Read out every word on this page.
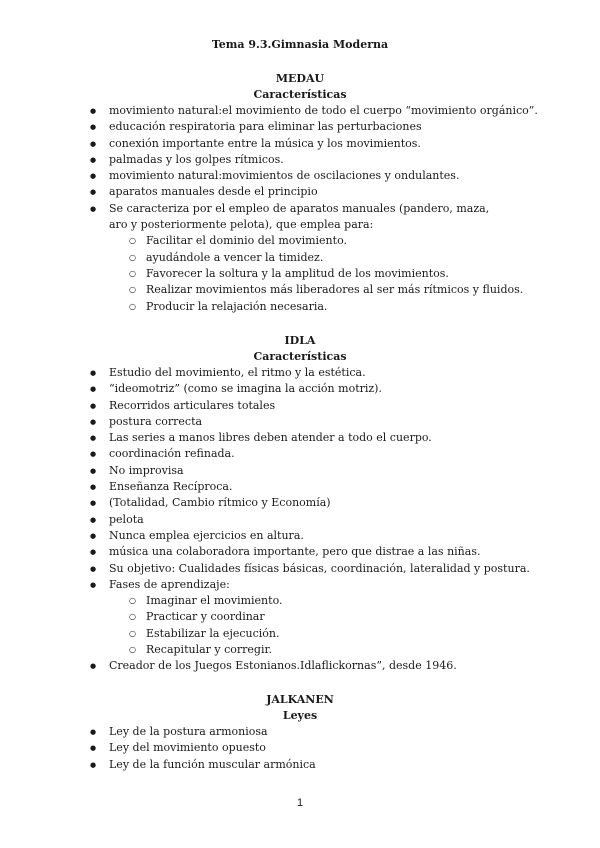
Tema 9.3.Gimnasia Moderna
MEDAU
Características
● movimiento natural:el movimiento de todo el cuerpo “movimiento orgánico”.
● educación respiratoria para eliminar las perturbaciones
● conexión importante entre la música y los movimientos.
● palmadas y los golpes rítmicos.
● movimiento natural:movimientos de oscilaciones y ondulantes.
● aparatos manuales desde el principio
● Se caracteriza por el empleo de aparatos manuales (pandero, maza, aro y posteriormente pelota), que emplea para:
○ Facilitar el dominio del movimiento.
○ ayudándole a vencer la timidez.
○ Favorecer la soltura y la amplitud de los movimientos.
○ Realizar movimientos más liberadores al ser más rítmicos y fluidos.
○ Producir la relajación necesaria.
IDLA
Características
● Estudio del movimiento, el ritmo y la estética.
● “ideomotriz” (como se imagina la acción motriz).
● Recorridos articulares totales
● postura correcta
● Las series a manos libres deben atender a todo el cuerpo.
● coordinación refinada.
● No improvisa
● Enseñanza Recíproca.
● (Totalidad, Cambio rítmico y Economía)
● pelota
● Nunca emplea ejercicios en altura.
● música una colaboradora importante, pero que distrae a las niñas.
● Su objetivo: Cualidades físicas básicas, coordinación, lateralidad y postura.
● Fases de aprendizaje:
○ Imaginar el movimiento.
○ Practicar y coordinar
○ Estabilizar la ejecución.
○ Recapitular y corregir.
● Creador de los Juegos Estonianos.Idlaflickornas”, desde 1946.
JALKANEN
Leyes
● Ley de la postura armoniosa
● Ley del movimiento opuesto
● Ley de la función muscular armónica
1
